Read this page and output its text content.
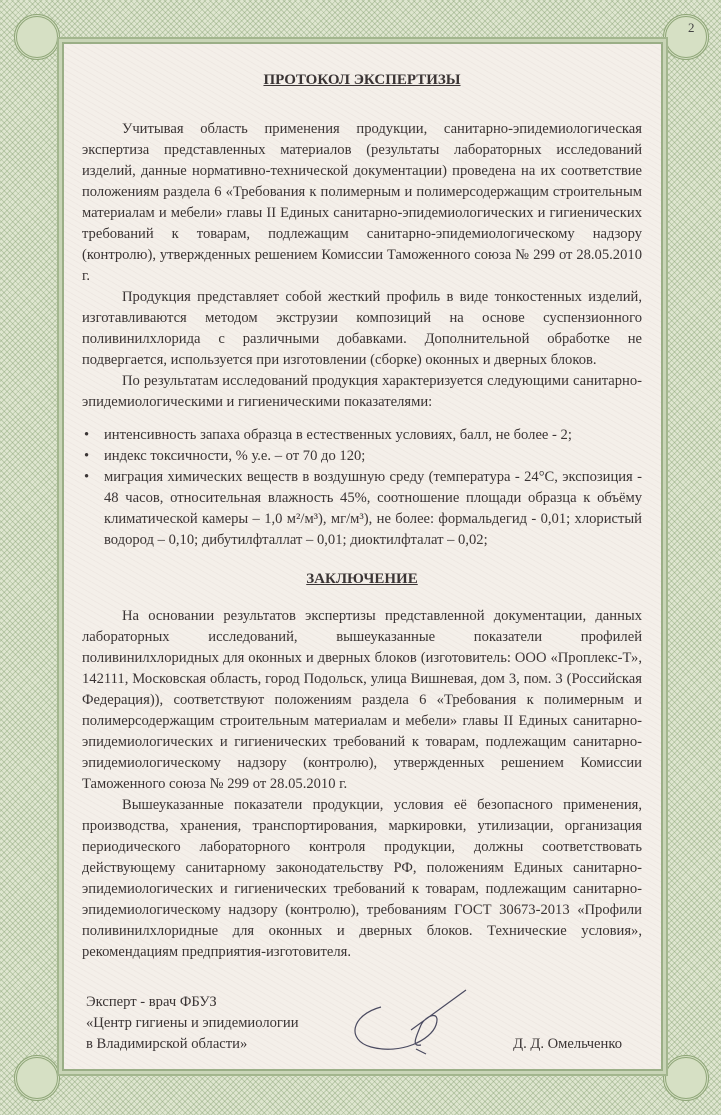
2
ПРОТОКОЛ ЭКСПЕРТИЗЫ

Учитывая область применения продукции, санитарно-эпидемиологическая экспертиза представленных материалов (результаты лабораторных исследований изделий, данные нормативно-технической документации) проведена на их соответствие положениям раздела 6 «Требования к полимерным и полимерсодержащим строительным материалам и мебели» главы II Единых санитарно-эпидемиологических и гигиенических требований к товарам, подлежащим санитарно-эпидемиологическому надзору (контролю), утвержденных решением Комиссии Таможенного союза № 299 от 28.05.2010 г.

Продукция представляет собой жесткий профиль в виде тонкостенных изделий, изготавливаются методом экструзии композиций на основе суспензионного поливинилхлорида с различными добавками. Дополнительной обработке не подвергается, используется при изготовлении (сборке) оконных и дверных блоков.

По результатам исследований продукция характеризуется следующими санитарно-эпидемиологическими и гигиеническими показателями:

• интенсивность запаха образца в естественных условиях, балл, не более - 2;
• индекс токсичности, % у.е. – от 70 до 120;
• миграция химических веществ в воздушную среду (температура - 24°С, экспозиция - 48 часов, относительная влажность 45%, соотношение площади образца к объёму климатической камеры – 1,0 м²/м³), мг/м³), не более: формальдегид - 0,01; хлористый водород – 0,10; дибутилфталлат – 0,01; диоктилфталат – 0,02;
ЗАКЛЮЧЕНИЕ

На основании результатов экспертизы представленной документации, данных лабораторных исследований, вышеуказанные показатели профилей поливинилхлоридных для оконных и дверных блоков (изготовитель: ООО «Проплекс-Т», 142111, Московская область, город Подольск, улица Вишневая, дом 3, пом. 3 (Российская Федерация)), соответствуют положениям раздела 6 «Требования к полимерным и полимерсодержащим строительным материалам и мебели» главы II Единых санитарно-эпидемиологических и гигиенических требований к товарам, подлежащим санитарно-эпидемиологическому надзору (контролю), утвержденных решением Комиссии Таможенного союза № 299 от 28.05.2010 г.

Вышеуказанные показатели продукции, условия её безопасного применения, производства, хранения, транспортирования, маркировки, утилизации, организация периодического лабораторного контроля продукции, должны соответствовать действующему санитарному законодательству РФ, положениям Единых санитарно-эпидемиологических и гигиенических требований к товарам, подлежащим санитарно-эпидемиологическому надзору (контролю), требованиям ГОСТ 30673-2013 «Профили поливинилхлоридные для оконных и дверных блоков. Технические условия», рекомендациям предприятия-изготовителя.

Эксперт - врач ФБУЗ
«Центр гигиены и эпидемиологии
в Владимирской области»	Д. Д. Омельченко
